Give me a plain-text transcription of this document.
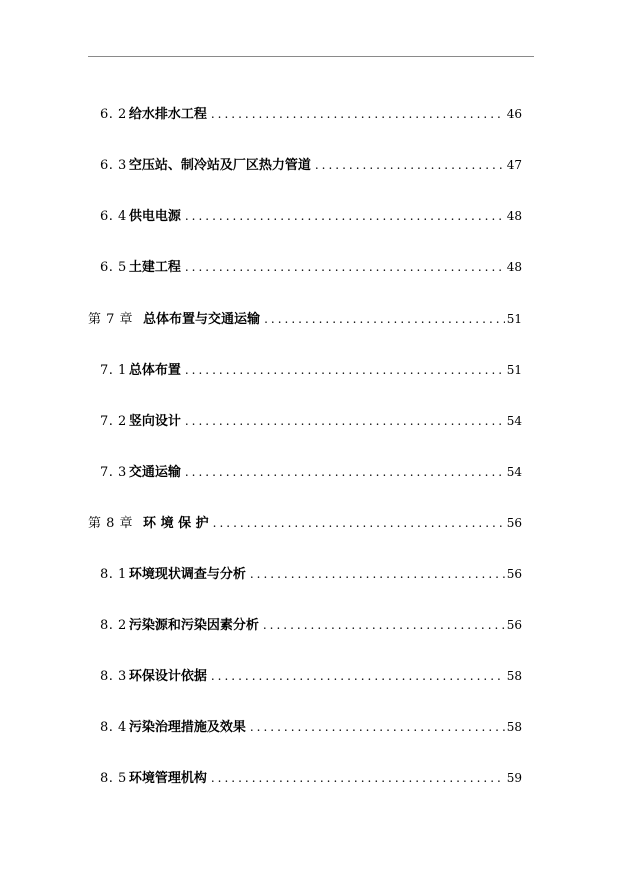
6. 2 给水排水工程 .....	46
6. 3 空压站、制冷站及厂区热力管道 .....	47
6. 4 供电电源 .....	48
6. 5 土建工程 .....	48
第 7 章 总体布置与交通运输 .....	51
7. 1 总体布置 .....	51
7. 2 竖向设计 .....	54
7. 3 交通运输 .....	54
第 8 章 环 境 保 护 .....	56
8. 1 环境现状调查与分析 .....	56
8. 2 污染源和污染因素分析 .....	56
8. 3 环保设计依据 .....	58
8. 4 污染治理措施及效果 .....	58
8. 5 环境管理机构 .....	59
